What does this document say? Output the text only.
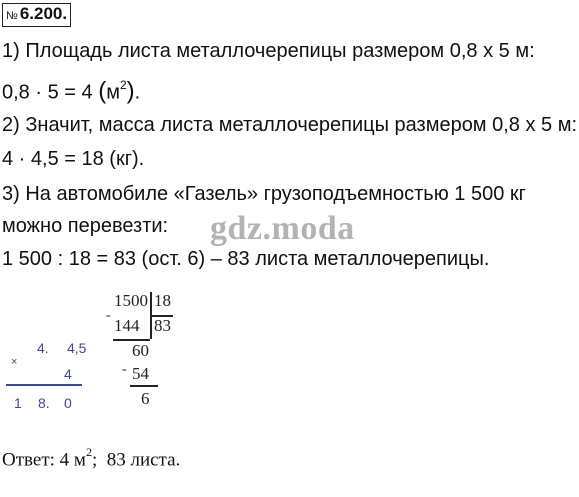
№ 6.200.
1) Площадь листа металлочерепицы размером 0,8 х 5 м:
0,8 · 5 = 4 $(м^2)$.
2) Значит, масса листа металлочерепицы размером 0,8 х 5 м:
4 · 4,5 = 18 (кг).
3) На автомобиле «Газель» грузоподъемностью 1 500 кг
можно перевезти:
1 500 : 18 = 83 (ост. 6) – 83 листа металлочерепицы.
gdz.moda
-
1500 18
144 83
60
- 54
6
4.
×
4,5
4
1 8. 0
Ответ: 4 $м^2$; 83 листа.
